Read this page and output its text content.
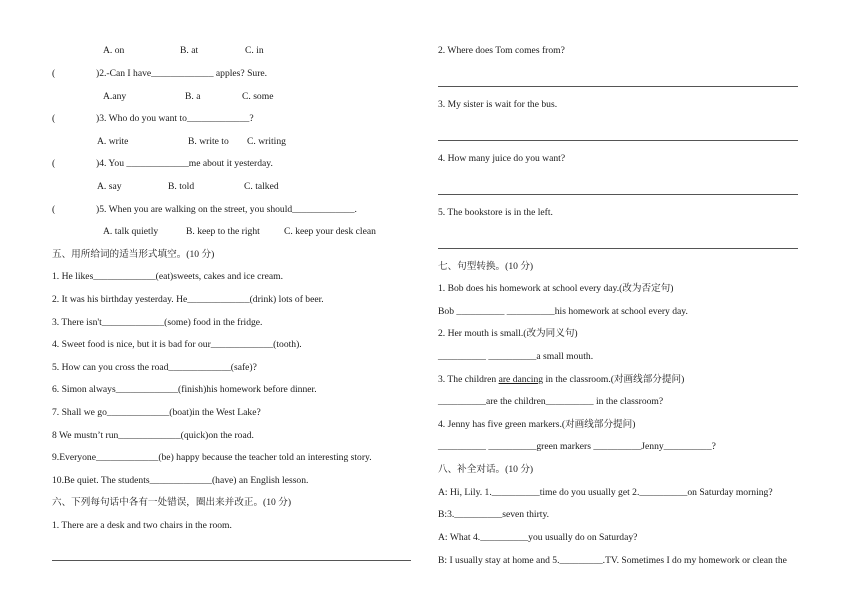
A. on	B. at	C. in
(	)2.-Can I have_____________ apples? Sure.
A.any	B. a	C. some
(	)3. Who do you want to_____________?
A. write	B. write to C. writing
(	)4. You _____________me about it yesterday.
A. say	B. told	C. talked
(	)5. When you are walking on the street, you should_____________.
A. talk quietly	B. keep to the right	C. keep your desk clean
五、用所给词的适当形式填空。(10 分)
1. He likes_____________(eat)sweets, cakes and ice cream.
2. It was his birthday yesterday. He_____________(drink) lots of beer.
3. There isn't_____________(some) food in the fridge.
4. Sweet food is nice, but it is bad for our_____________(tooth).
5. How can you cross the road_____________(safe)?
6. Simon always_____________(finish)his homework before dinner.
7. Shall we go_____________(boat)in the West Lake?
8 We mustn’t run_____________(quick)on the road.
9.Everyone_____________(be) happy because the teacher told an interesting story.
10.Be quiet. The students_____________(have) an English lesson.
六、下列每句话中各有一处错误，圈出来并改正。(10 分)
1. There are a desk and two chairs in the room.
2. Where does Tom comes from?
3. My sister is wait for the bus.
4. How many juice do you want?
5. The bookstore is in the left.
七、句型转换。(10 分)
1. Bob does his homework at school every day.(改为否定句)
Bob __________ __________his homework at school every day.
2. Her mouth is small.(改为同义句)
__________ __________a small mouth.
3. The children are dancing in the classroom.(对画线部分提问)
__________are the children__________ in the classroom?
4. Jenny has five green markers.(对画线部分提问)
__________ __________green markers __________Jenny__________?
八、补全对话。(10 分)
A: Hi, Lily. 1.__________time do you usually get 2.__________on Saturday morning?
B:3.__________seven thirty.
A: What 4.__________you usually do on Saturday?
B: I usually stay at home and 5._________.TV. Sometimes I do my homework or clean the
